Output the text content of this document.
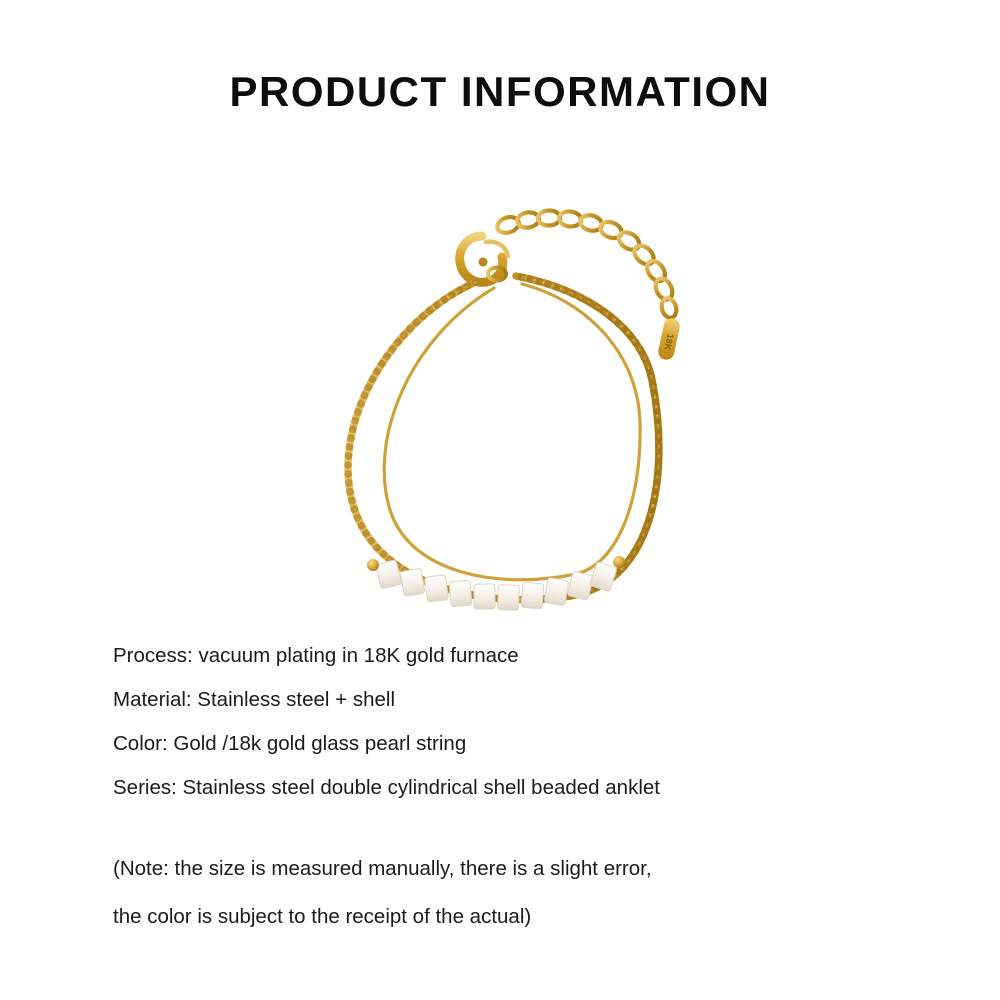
PRODUCT INFORMATION
18K
Process: vacuum plating in 18K gold furnace
Material: Stainless steel + shell
Color: Gold /18k gold glass pearl string
Series: Stainless steel double cylindrical shell beaded anklet
(Note: the size is measured manually, there is a slight error,
the color is subject to the receipt of the actual)
